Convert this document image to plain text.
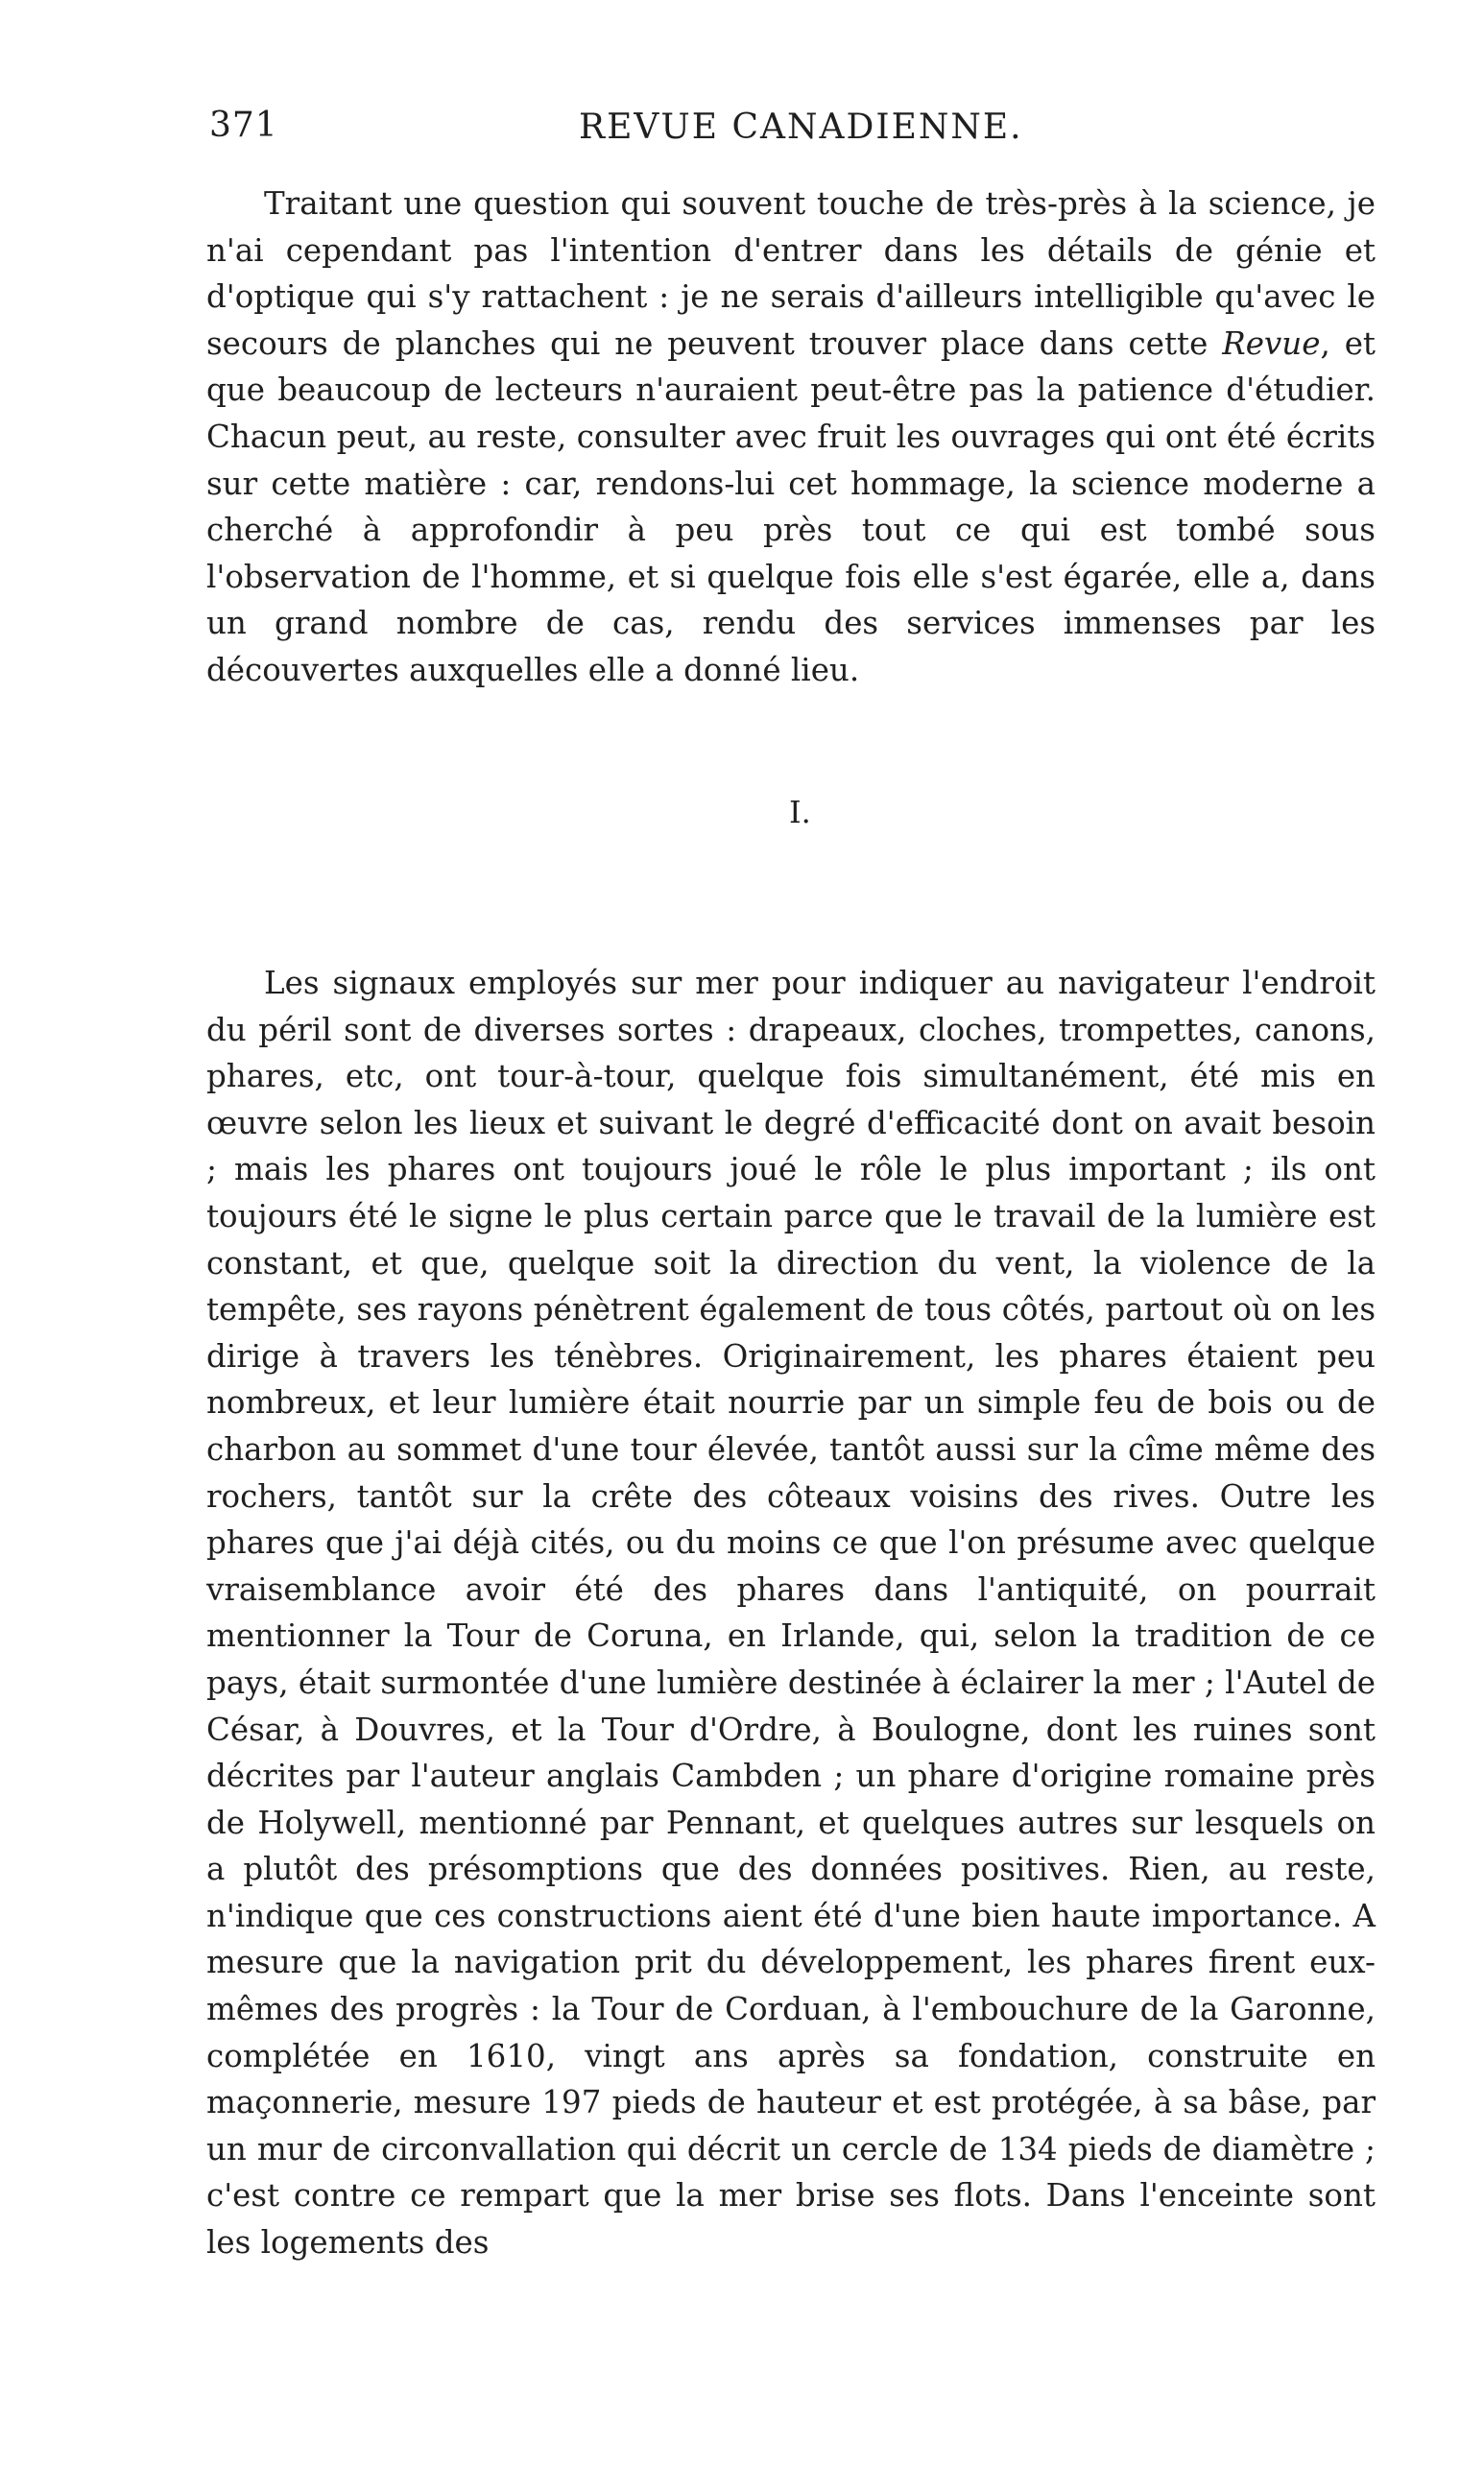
371	REVUE CANADIENNE.

Traitant une question qui souvent touche de très-près à la science, je n'ai cependant pas l'intention d'entrer dans les détails de génie et d'optique qui s'y rattachent : je ne serais d'ailleurs intelligible qu'avec le secours de planches qui ne peuvent trouver place dans cette Revue, et que beaucoup de lecteurs n'auraient peut-être pas la patience d'étudier. Chacun peut, au reste, consulter avec fruit les ouvrages qui ont été écrits sur cette matière : car, rendons-lui cet hommage, la science moderne a cherché à approfondir à peu près tout ce qui est tombé sous l'observation de l'homme, et si quelque fois elle s'est égarée, elle a, dans un grand nombre de cas, rendu des services immenses par les découvertes auxquelles elle a donné lieu.

I.

Les signaux employés sur mer pour indiquer au navigateur l'endroit du péril sont de diverses sortes : drapeaux, cloches, trompettes, canons, phares, etc, ont tour-à-tour, quelque fois simultanément, été mis en œuvre selon les lieux et suivant le degré d'efficacité dont on avait besoin ; mais les phares ont toujours joué le rôle le plus important ; ils ont toujours été le signe le plus certain parce que le travail de la lumière est constant, et que, quelque soit la direction du vent, la violence de la tempête, ses rayons pénètrent également de tous côtés, partout où on les dirige à travers les ténèbres. Originairement, les phares étaient peu nombreux, et leur lumière était nourrie par un simple feu de bois ou de charbon au sommet d'une tour élevée, tantôt aussi sur la cîme même des rochers, tantôt sur la crête des côteaux voisins des rives. Outre les phares que j'ai déjà cités, ou du moins ce que l'on présume avec quelque vraisemblance avoir été des phares dans l'antiquité, on pourrait mentionner la Tour de Coruna, en Irlande, qui, selon la tradition de ce pays, était surmontée d'une lumière destinée à éclairer la mer ; l'Autel de César, à Douvres, et la Tour d'Ordre, à Boulogne, dont les ruines sont décrites par l'auteur anglais Cambden ; un phare d'origine romaine près de Holywell, mentionné par Pennant, et quelques autres sur lesquels on a plutôt des présomptions que des données positives. Rien, au reste, n'indique que ces constructions aient été d'une bien haute importance. A mesure que la navigation prit du développement, les phares firent eux-mêmes des progrès : la Tour de Corduan, à l'embouchure de la Garonne, complétée en 1610, vingt ans après sa fondation, construite en maçonnerie, mesure 197 pieds de hauteur et est protégée, à sa bâse, par un mur de circonvallation qui décrit un cercle de 134 pieds de diamètre ; c'est contre ce rempart que la mer brise ses flots. Dans l'enceinte sont les logements des
